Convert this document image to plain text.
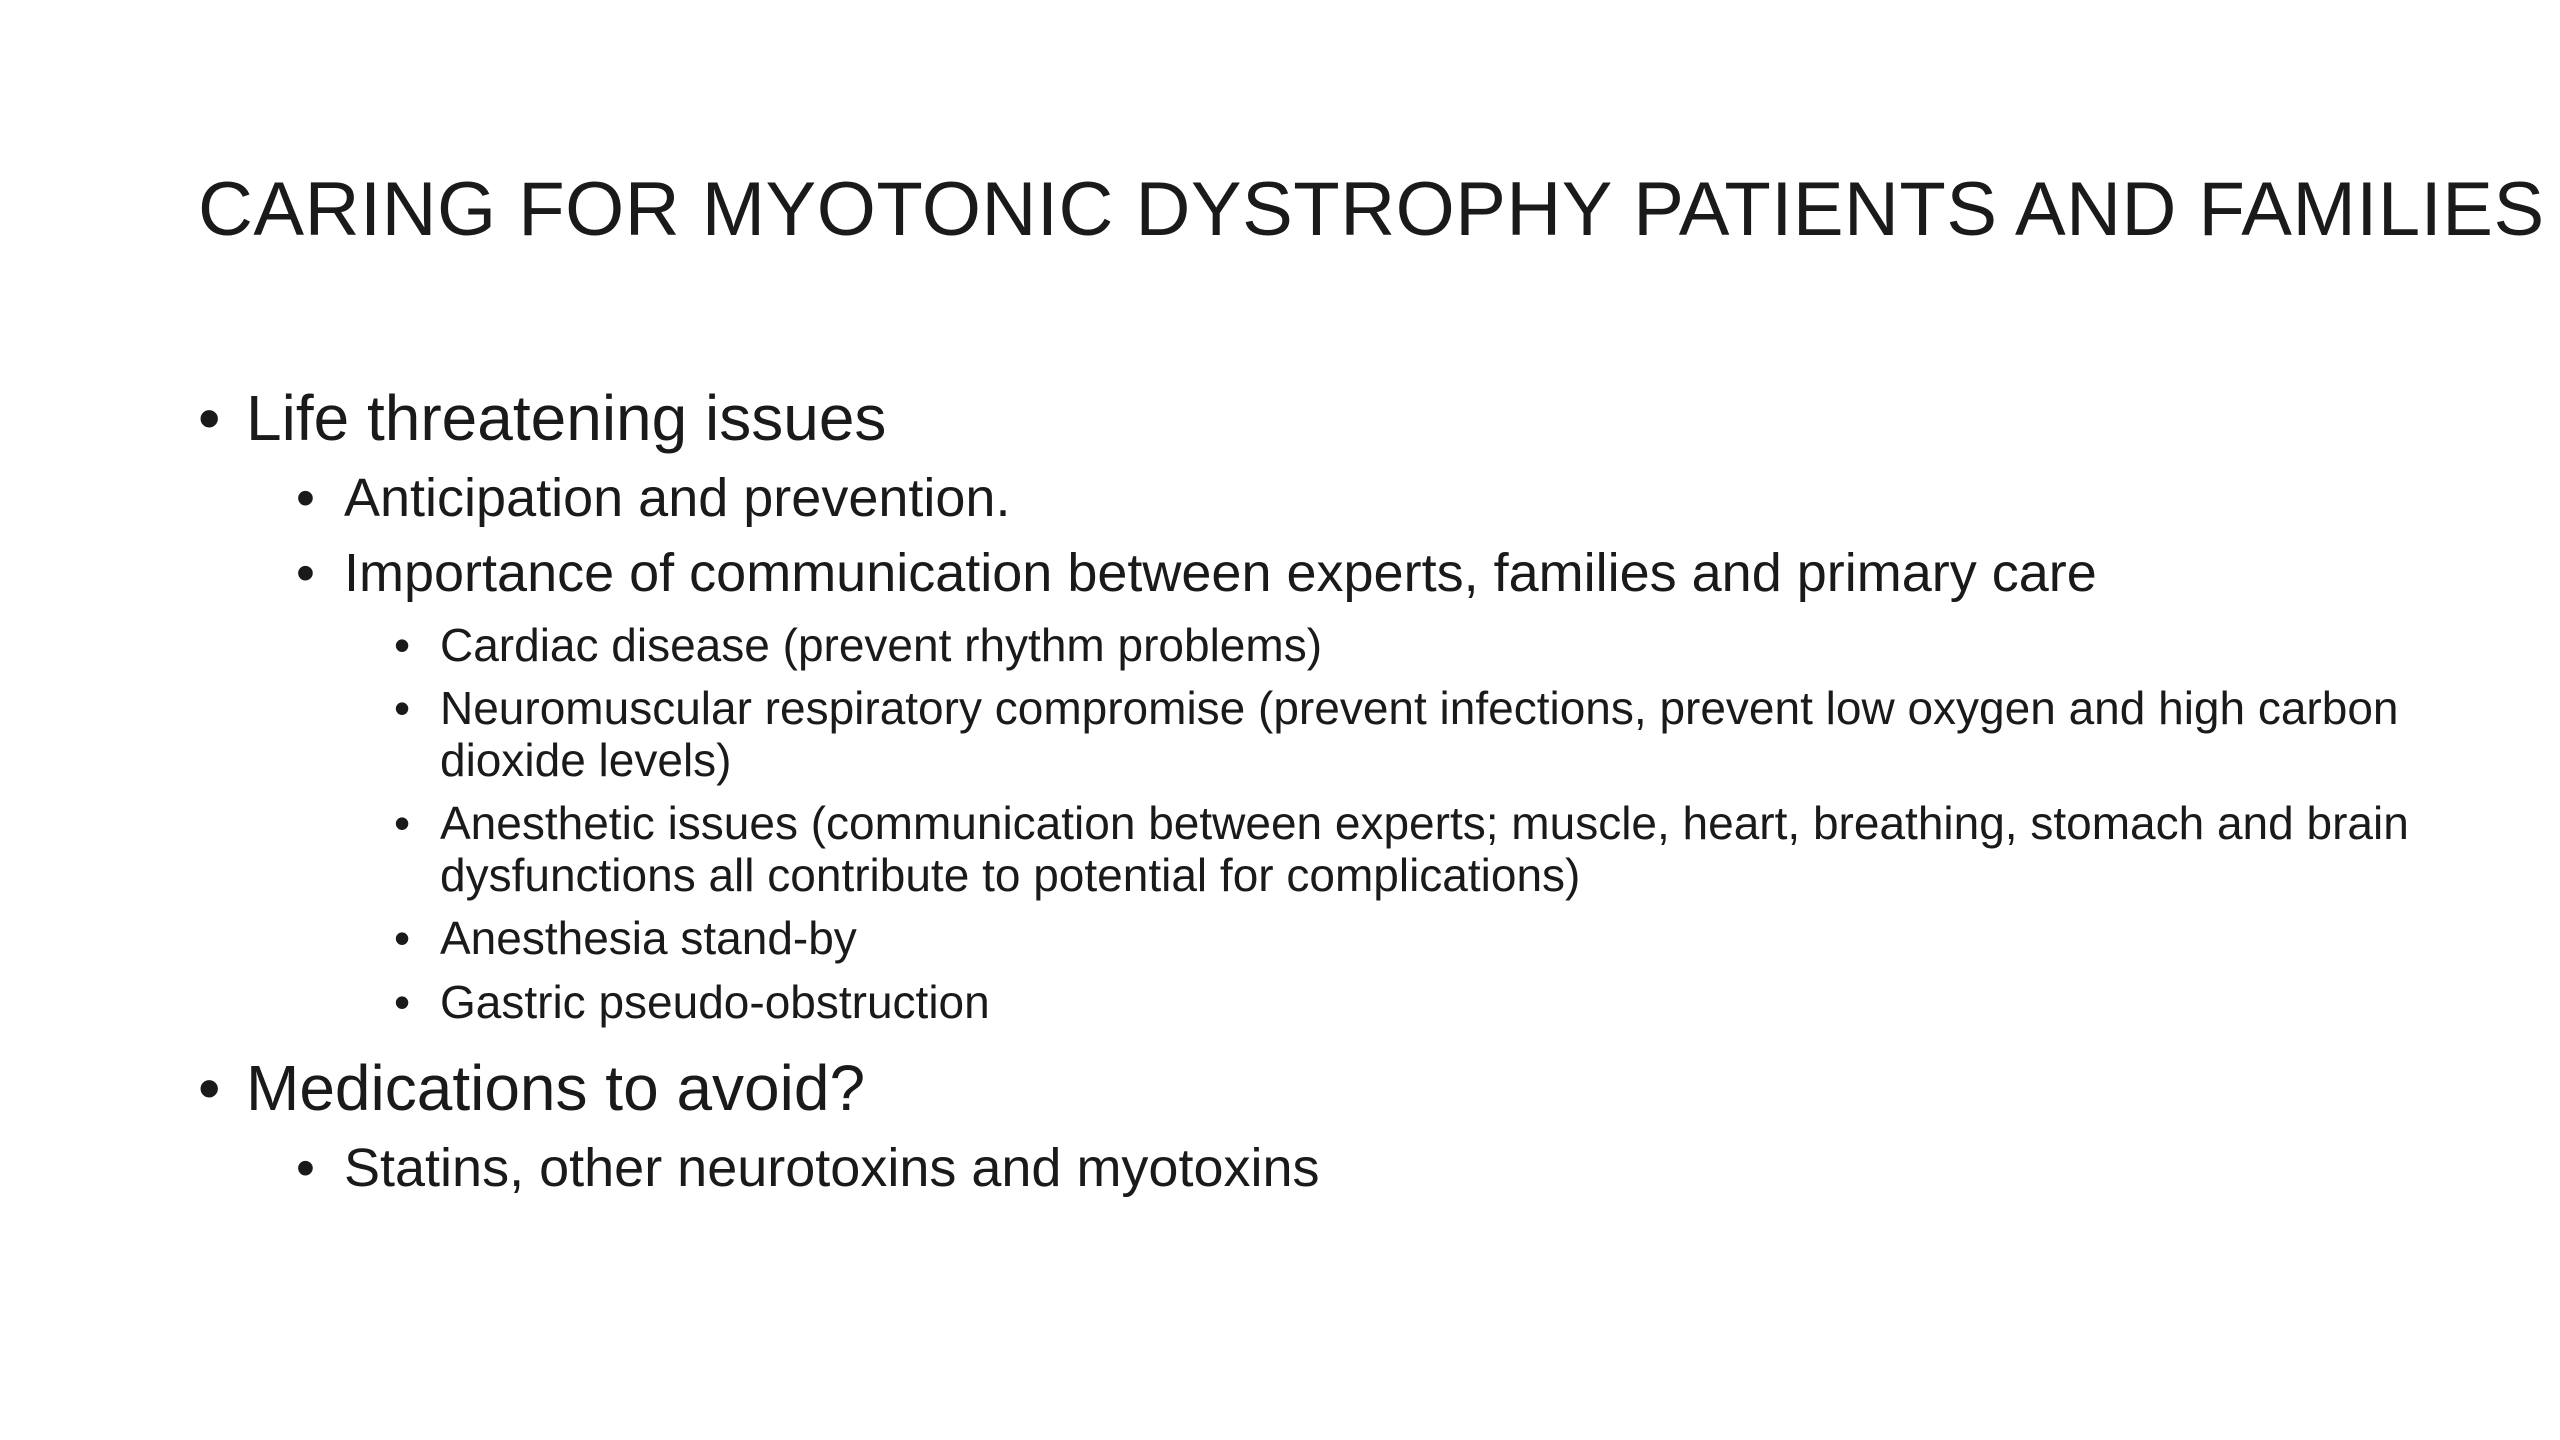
CARING FOR MYOTONIC DYSTROPHY PATIENTS AND FAMILIES
• Life threatening issues
• Anticipation and prevention.
• Importance of communication between experts, families and primary care
• Cardiac disease (prevent rhythm problems)
• Neuromuscular respiratory compromise (prevent infections, prevent low oxygen and high carbon dioxide levels)
• Anesthetic issues (communication between experts; muscle, heart, breathing, stomach and brain dysfunctions all contribute to potential for complications)
• Anesthesia stand-by
• Gastric pseudo-obstruction
• Medications to avoid?
• Statins, other neurotoxins and myotoxins
